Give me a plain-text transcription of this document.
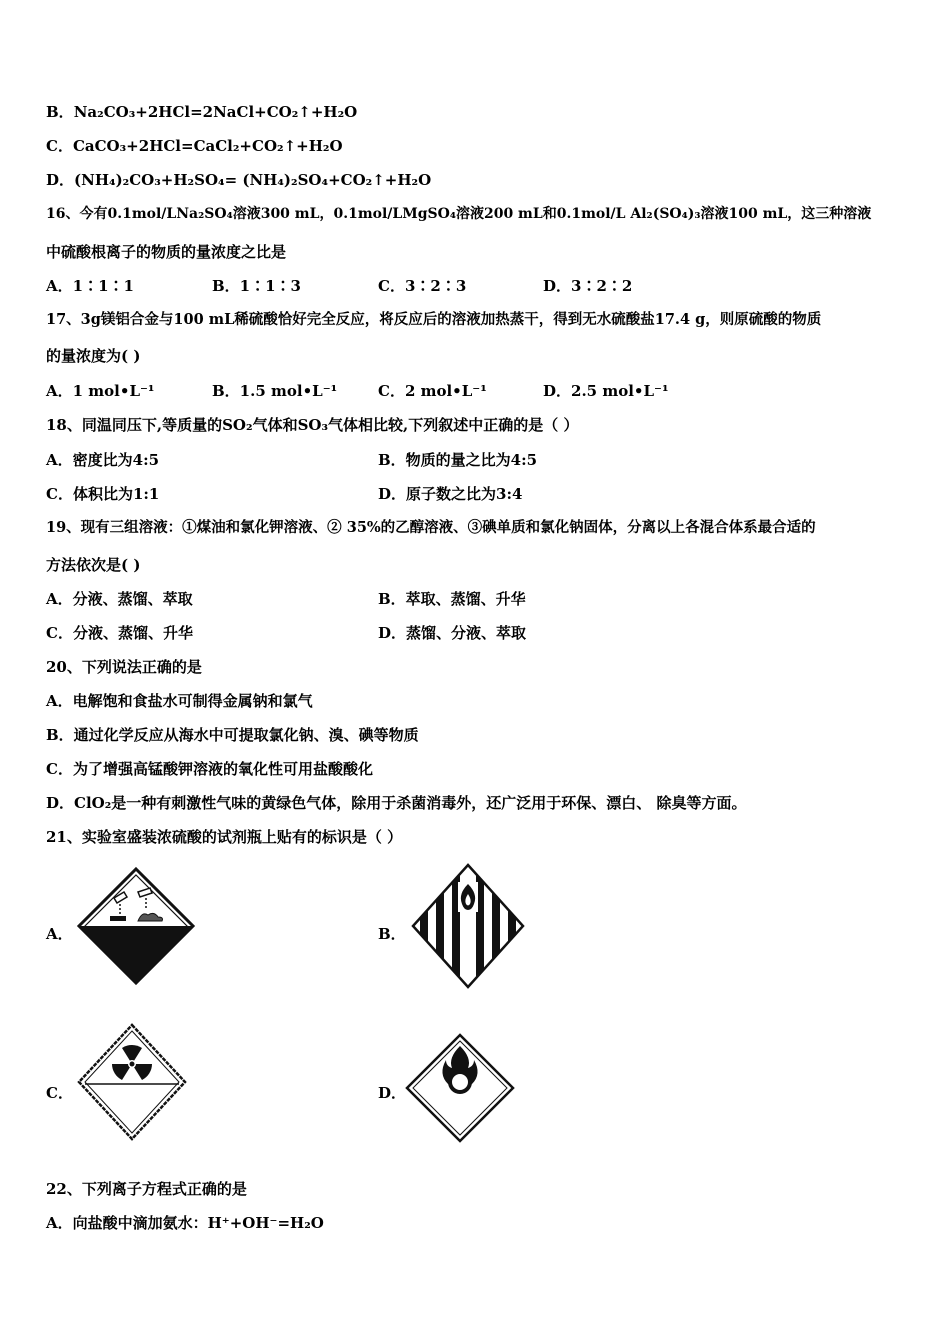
B．Na₂CO₃+2HCl=2NaCl+CO₂↑+H₂O
C．CaCO₃+2HCl=CaCl₂+CO₂↑+H₂O
D．(NH₄)₂CO₃+H₂SO₄= (NH₄)₂SO₄+CO₂↑+H₂O
16、今有0.1mol/LNa₂SO₄溶液300 mL，0.1mol/LMgSO₄溶液200 mL和0.1mol/L Al₂(SO₄)₃溶液100 mL，这三种溶液
中硫酸根离子的物质的量浓度之比是
A．1∶1∶1	B．1∶1∶3	C．3∶2∶3	D．3∶2∶2
17、3g镁铝合金与100 mL稀硫酸恰好完全反应，将反应后的溶液加热蒸干，得到无水硫酸盐17.4 g，则原硫酸的物质
的量浓度为( )
A．1 mol•L⁻¹	B．1.5 mol•L⁻¹	C．2 mol•L⁻¹	D．2.5 mol•L⁻¹
18、同温同压下,等质量的SO₂气体和SO₃气体相比较,下列叙述中正确的是（ ）
A．密度比为4:5	B．物质的量之比为4:5
C．体积比为1:1	D．原子数之比为3:4
19、现有三组溶液：①煤油和氯化钾溶液、② 35%的乙醇溶液、③碘单质和氯化钠固体，分离以上各混合体系最合适的
方法依次是( )
A．分液、蒸馏、萃取	B．萃取、蒸馏、升华
C．分液、蒸馏、升华	D．蒸馏、分液、萃取
20、下列说法正确的是
A．电解饱和食盐水可制得金属钠和氯气
B．通过化学反应从海水中可提取氯化钠、溴、碘等物质
C．为了增强高锰酸钾溶液的氧化性可用盐酸酸化
D．ClO₂是一种有刺激性气味的黄绿色气体，除用于杀菌消毒外，还广泛用于环保、漂白、 除臭等方面。
21、实验室盛装浓硫酸的试剂瓶上贴有的标识是（ ）
A．	B．
C．	D．
22、下列离子方程式正确的是
A．向盐酸中滴加氨水：H⁺+OH⁻=H₂O
